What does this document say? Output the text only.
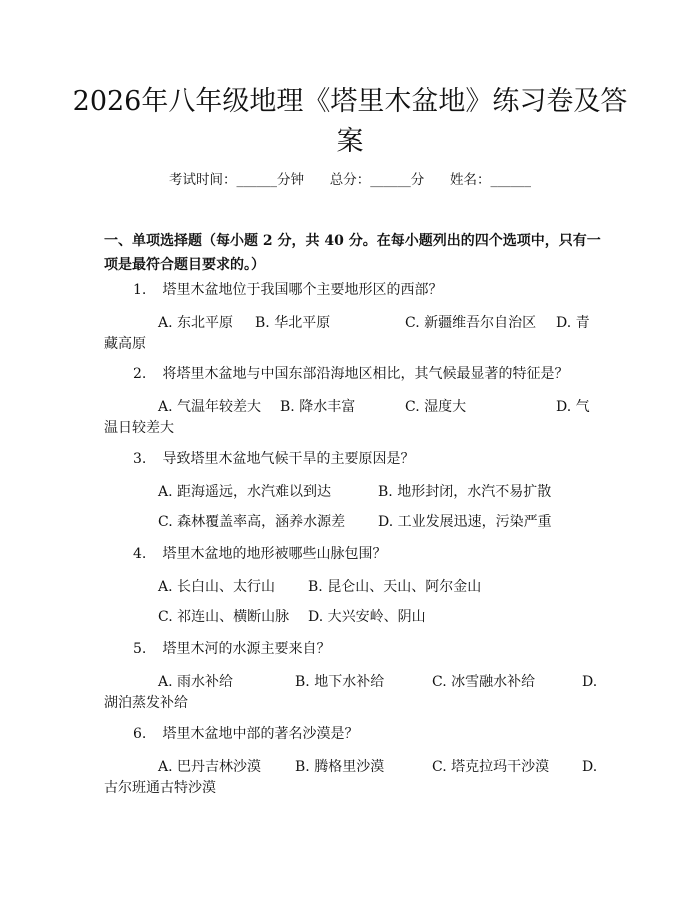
2026年八年级地理《塔里木盆地》练习卷及答案
考试时间：______分钟 总分：______分 姓名：______

一、单项选择题（每小题 2 分，共 40 分。在每小题列出的四个选项中，只有一项是最符合题目要求的。）

1. 塔里木盆地位于我国哪个主要地形区的西部？
A. 东北平原 B. 华北平原	C. 新疆维吾尔自治区 D. 青
藏高原
2. 将塔里木盆地与中国东部沿海地区相比，其气候最显著的特征是？
A. 气温年较差大 B. 降水丰富	C. 湿度大	D. 气
温日较差大
3. 导致塔里木盆地气候干旱的主要原因是？
A. 距海遥远，水汽难以到达	B. 地形封闭，水汽不易扩散
C. 森林覆盖率高，涵养水源差 D. 工业发展迅速，污染严重
4. 塔里木盆地的地形被哪些山脉包围？
A. 长白山、太行山 B. 昆仑山、天山、阿尔金山
C. 祁连山、横断山脉 D. 大兴安岭、阴山
5. 塔里木河的水源主要来自？
A. 雨水补给	B. 地下水补给	C. 冰雪融水补给	D.
湖泊蒸发补给
6. 塔里木盆地中部的著名沙漠是？
A. 巴丹吉林沙漠 B. 腾格里沙漠	C. 塔克拉玛干沙漠 D.
古尔班通古特沙漠
